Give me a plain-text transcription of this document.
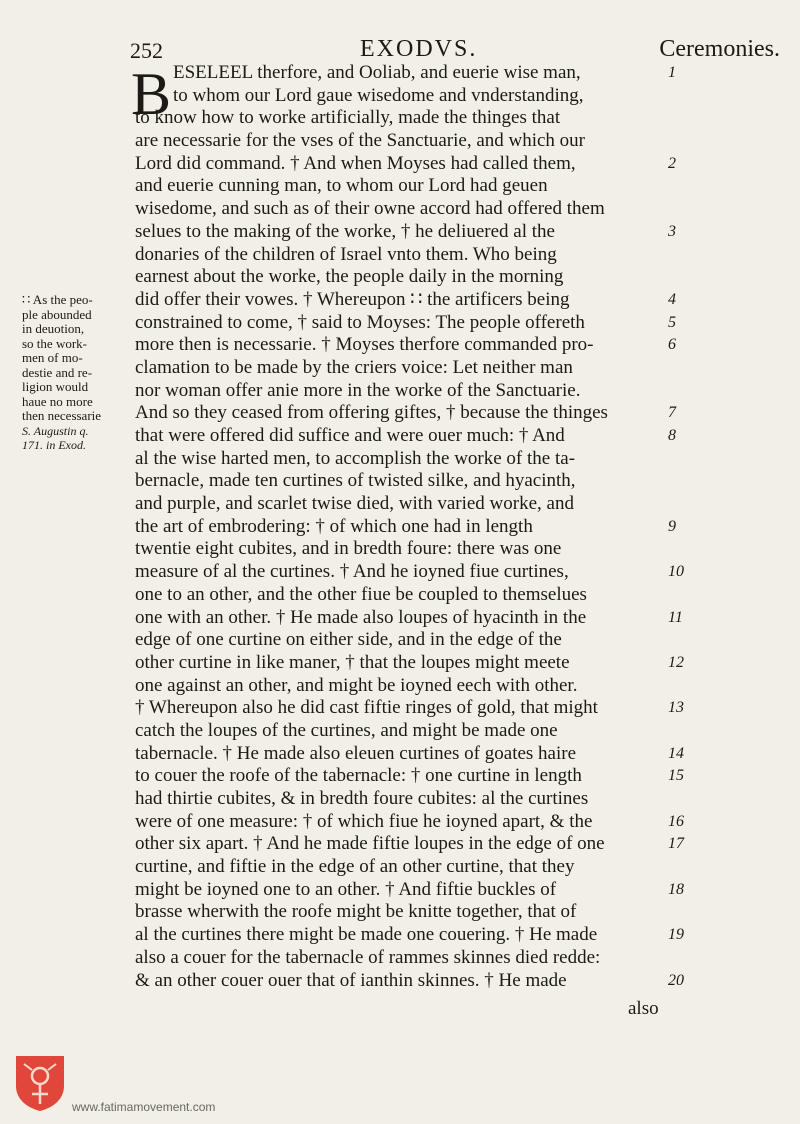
252	EXODVS.	Ceremonies.
B ESELEEL therfore, and Ooliab, and euerie wise man,
to whom our Lord gaue wisedome and vnderstanding,
to know how to worke artificially, made the thinges that
are necessarie for the vses of the Sanctuarie, and which our
Lord did command. † And when Moyses had called them,
and euerie cunning man, to whom our Lord had geuen
wisedome, and such as of their owne accord had offered them
selues to the making of the worke, † he deliuered al the
donaries of the children of Israel vnto them. Who being
earnest about the worke, the people daily in the morning
did offer their vowes. † Whereupon ∷ the artificers being
constrained to come, † said to Moyses: The people offereth
more then is necessarie. † Moyses therfore commanded pro-
clamation to be made by the criers voice: Let neither man
nor woman offer anie more in the worke of the Sanctuarie.
And so they ceased from offering giftes, † because the thinges
that were offered did suffice and were ouer much: † And
al the wise harted men, to accomplish the worke of the ta-
bernacle, made ten curtines of twisted silke, and hyacinth,
and purple, and scarlet twise died, with varied worke, and
the art of embrodering: † of which one had in length
twentie eight cubites, and in bredth foure: there was one
measure of al the curtines. † And he ioyned fiue curtines,
one to an other, and the other fiue be coupled to themselues
one with an other. † He made also loupes of hyacinth in the
edge of one curtine on either side, and in the edge of the
other curtine in like maner, † that the loupes might meete
one against an other, and might be ioyned eech with other.
† Whereupon also he did cast fiftie ringes of gold, that might
catch the loupes of the curtines, and might be made one
tabernacle. † He made also eleuen curtines of goates haire
to couer the roofe of the tabernacle: † one curtine in length
had thirtie cubites, & in bredth foure cubites: al the curtines
were of one measure: † of which fiue he ioyned apart, & the
other six apart. † And he made fiftie loupes in the edge of one
curtine, and fiftie in the edge of an other curtine, that they
might be ioyned one to an other. † And fiftie buckles of
brasse wherwith the roofe might be knitte together, that of
al the curtines there might be made one couering. † He made
also a couer for the tabernacle of rammes skinnes died redde:
& an other couer ouer that of ianthin skinnes. † He made
1
2
3
4
5
6
7
8
9
10
11
12
13
14
15
16
17
18
19
20
∷ As the peo-
ple abounded
in deuotion,
so the work-
men of mo-
destie and re-
ligion would
haue no more
then necessarie
S. Augustin q.
171. in Exod.
also
www.fatimamovement.com
